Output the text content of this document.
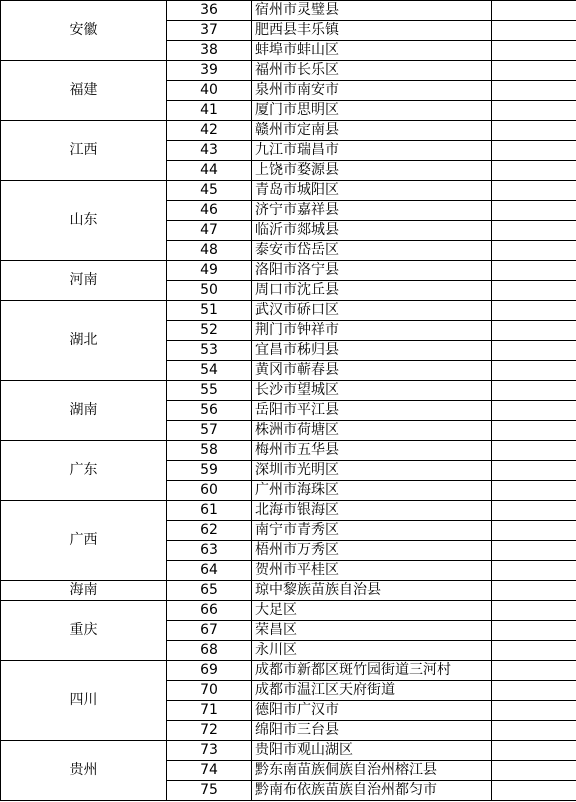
安徽	36	宿州市灵璧县	
	37	肥西县丰乐镇	
	38	蚌埠市蚌山区	
福建	39	福州市长乐区	
	40	泉州市南安市	
	41	厦门市思明区	
江西	42	赣州市定南县	
	43	九江市瑞昌市	
	44	上饶市婺源县	
山东	45	青岛市城阳区	
	46	济宁市嘉祥县	
	47	临沂市郯城县	
	48	泰安市岱岳区	
河南	49	洛阳市洛宁县	
	50	周口市沈丘县	
湖北	51	武汉市硚口区	
	52	荆门市钟祥市	
	53	宜昌市秭归县	
	54	黄冈市蕲春县	
湖南	55	长沙市望城区	
	56	岳阳市平江县	
	57	株洲市荷塘区	
广东	58	梅州市五华县	
	59	深圳市光明区	
	60	广州市海珠区	
广西	61	北海市银海区	
	62	南宁市青秀区	
	63	梧州市万秀区	
	64	贺州市平桂区	
海南	65	琼中黎族苗族自治县	
重庆	66	大足区	
	67	荣昌区	
	68	永川区	
四川	69	成都市新都区斑竹园街道三河村	
	70	成都市温江区天府街道	
	71	德阳市广汉市	
	72	绵阳市三台县	
贵州	73	贵阳市观山湖区	
	74	黔东南苗族侗族自治州榕江县	
	75	黔南布依族苗族自治州都匀市	
